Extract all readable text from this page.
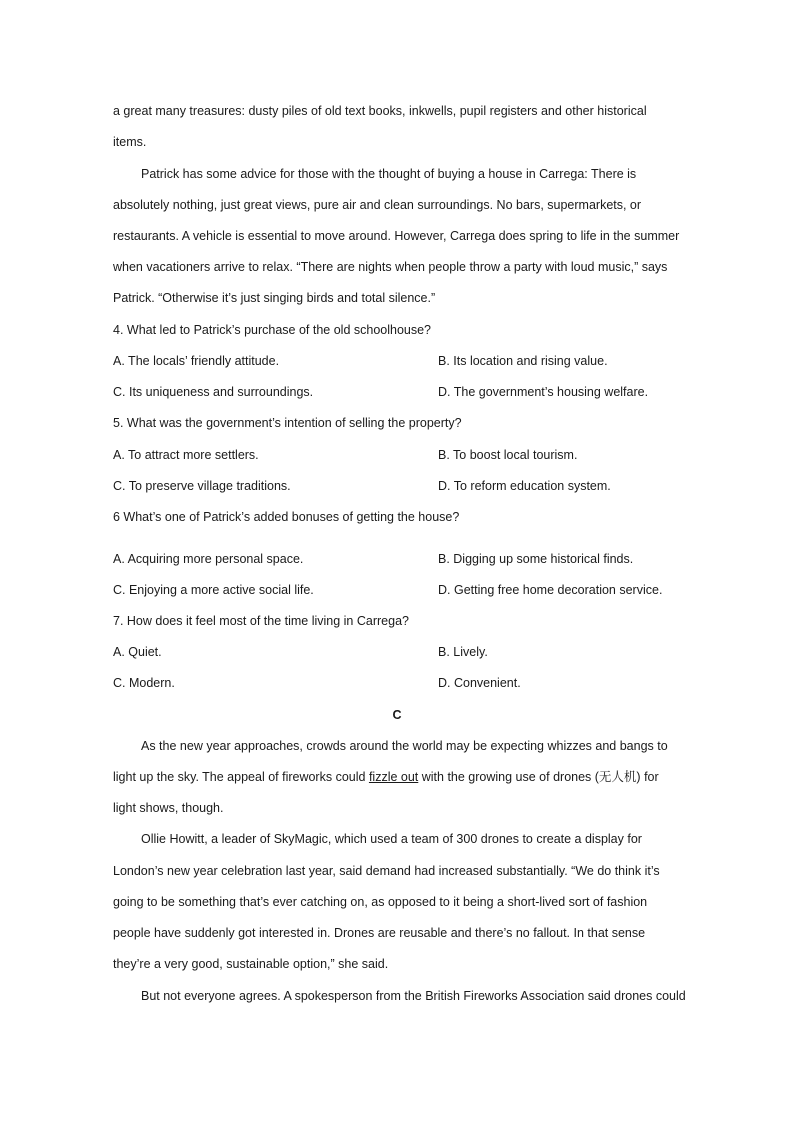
a great many treasures: dusty piles of old text books, inkwells, pupil registers and other historical
items.
Patrick has some advice for those with the thought of buying a house in Carrega: There is
absolutely nothing, just great views, pure air and clean surroundings. No bars, supermarkets, or
restaurants. A vehicle is essential to move around. However, Carrega does spring to life in the summer
when vacationers arrive to relax. “There are nights when people throw a party with loud music,” says
Patrick. “Otherwise it’s just singing birds and total silence.”
4. What led to Patrick’s purchase of the old schoolhouse?
A. The locals’ friendly attitude.	B. Its location and rising value.
C. Its uniqueness and surroundings.	D. The government’s housing welfare.
5. What was the government’s intention of selling the property?
A. To attract more settlers.	B. To boost local tourism.
C. To preserve village traditions.	D. To reform education system.
6 What’s one of Patrick’s added bonuses of getting the house?
A. Acquiring more personal space.	B. Digging up some historical finds.
C. Enjoying a more active social life.	D. Getting free home decoration service.
7. How does it feel most of the time living in Carrega?
A. Quiet.	B. Lively.
C. Modern.	D. Convenient.
C
As the new year approaches, crowds around the world may be expecting whizzes and bangs to
light up the sky. The appeal of fireworks could fizzle out with the growing use of drones (无人机) for
light shows, though.
Ollie Howitt, a leader of SkyMagic, which used a team of 300 drones to create a display for
London’s new year celebration last year, said demand had increased substantially. “We do think it’s
going to be something that’s ever catching on, as opposed to it being a short-lived sort of fashion
people have suddenly got interested in. Drones are reusable and there’s no fallout. In that sense
they’re a very good, sustainable option,” she said.
But not everyone agrees. A spokesperson from the British Fireworks Association said drones could
